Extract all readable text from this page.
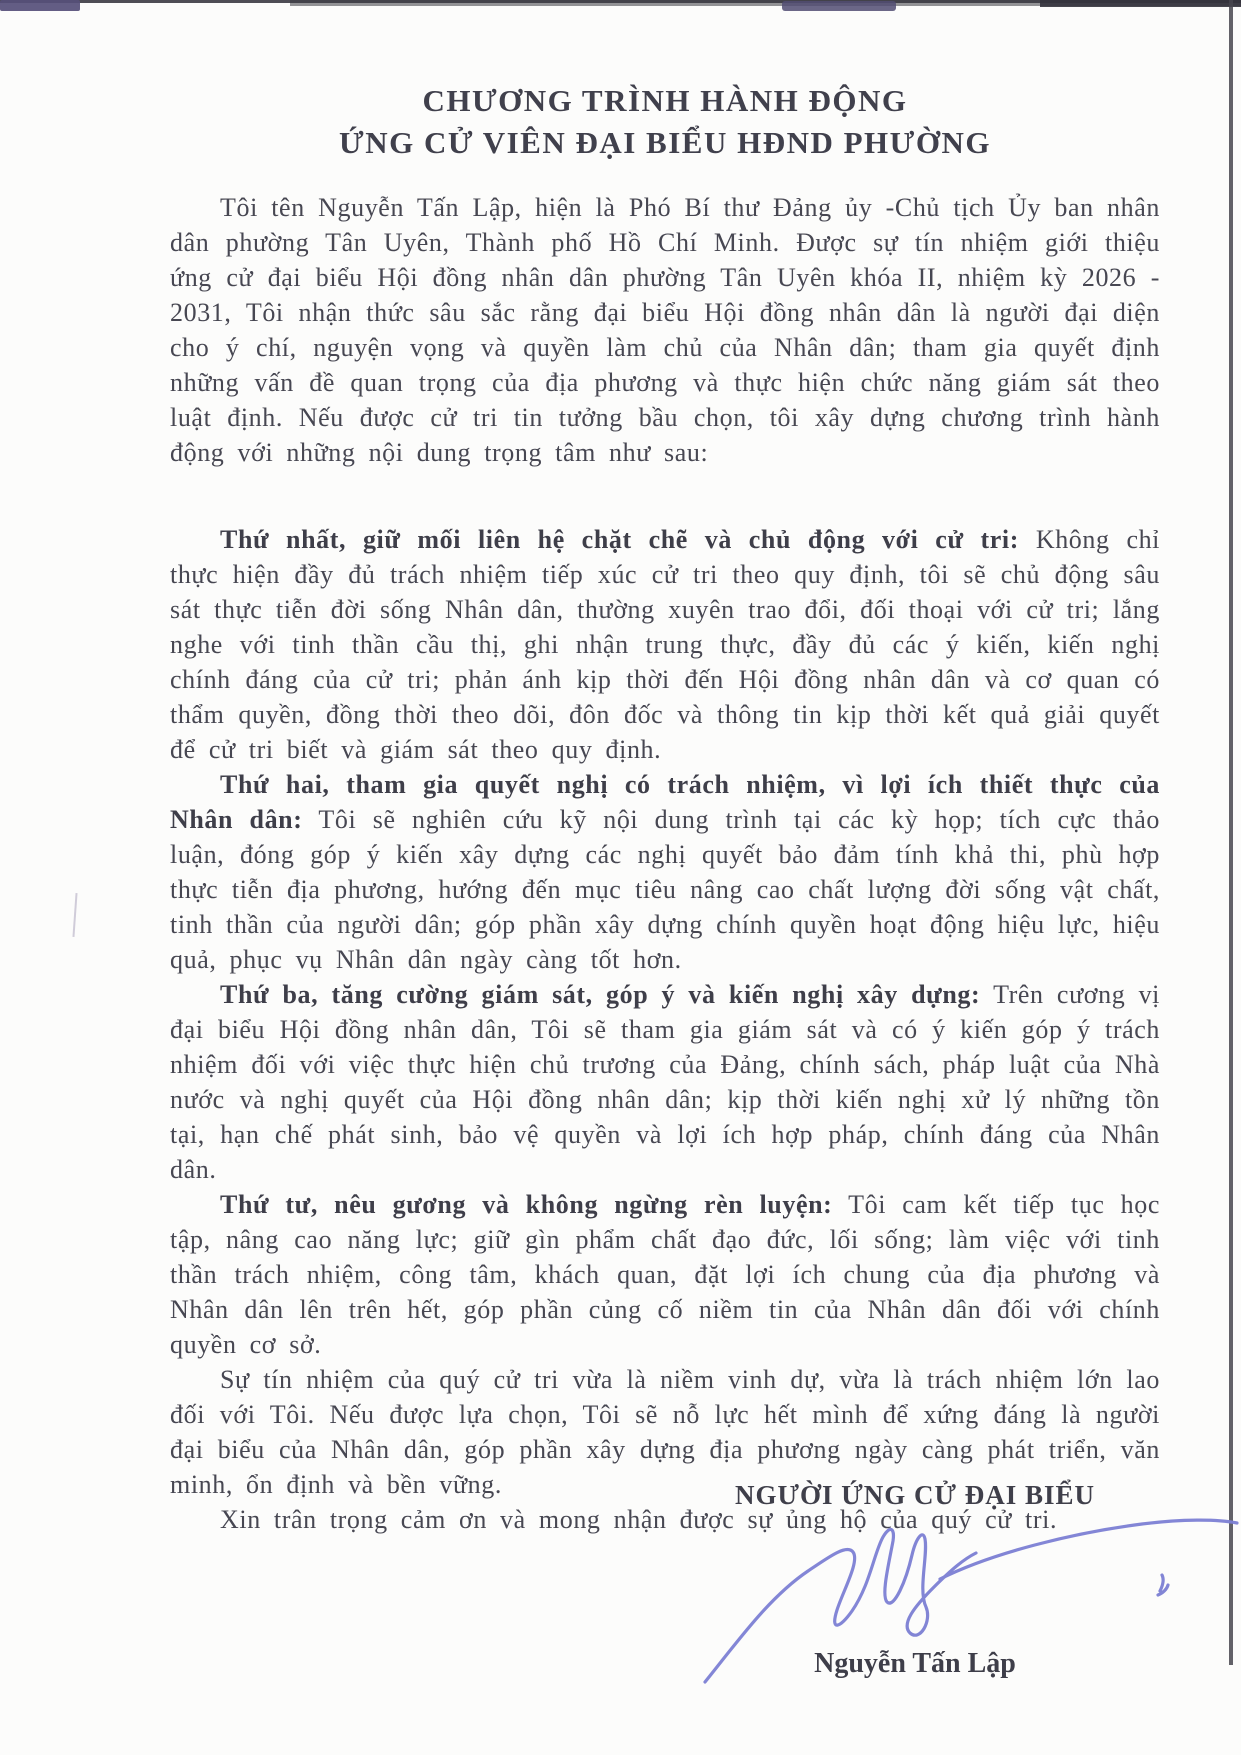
CHƯƠNG TRÌNH HÀNH ĐỘNG
ỨNG CỬ VIÊN ĐẠI BIỂU HĐND PHƯỜNG

Tôi tên Nguyễn Tấn Lập, hiện là Phó Bí thư Đảng ủy -Chủ tịch Ủy ban nhân dân phường Tân Uyên, Thành phố Hồ Chí Minh. Được sự tín nhiệm giới thiệu ứng cử đại biểu Hội đồng nhân dân phường Tân Uyên khóa II, nhiệm kỳ 2026 - 2031, Tôi nhận thức sâu sắc rằng đại biểu Hội đồng nhân dân là người đại diện cho ý chí, nguyện vọng và quyền làm chủ của Nhân dân; tham gia quyết định những vấn đề quan trọng của địa phương và thực hiện chức năng giám sát theo luật định. Nếu được cử tri tin tưởng bầu chọn, tôi xây dựng chương trình hành động với những nội dung trọng tâm như sau:

Thứ nhất, giữ mối liên hệ chặt chẽ và chủ động với cử tri: Không chỉ thực hiện đầy đủ trách nhiệm tiếp xúc cử tri theo quy định, tôi sẽ chủ động sâu sát thực tiễn đời sống Nhân dân, thường xuyên trao đổi, đối thoại với cử tri; lắng nghe với tinh thần cầu thị, ghi nhận trung thực, đầy đủ các ý kiến, kiến nghị chính đáng của cử tri; phản ánh kịp thời đến Hội đồng nhân dân và cơ quan có thẩm quyền, đồng thời theo dõi, đôn đốc và thông tin kịp thời kết quả giải quyết để cử tri biết và giám sát theo quy định.

Thứ hai, tham gia quyết nghị có trách nhiệm, vì lợi ích thiết thực của Nhân dân: Tôi sẽ nghiên cứu kỹ nội dung trình tại các kỳ họp; tích cực thảo luận, đóng góp ý kiến xây dựng các nghị quyết bảo đảm tính khả thi, phù hợp thực tiễn địa phương, hướng đến mục tiêu nâng cao chất lượng đời sống vật chất, tinh thần của người dân; góp phần xây dựng chính quyền hoạt động hiệu lực, hiệu quả, phục vụ Nhân dân ngày càng tốt hơn.

Thứ ba, tăng cường giám sát, góp ý và kiến nghị xây dựng: Trên cương vị đại biểu Hội đồng nhân dân, Tôi sẽ tham gia giám sát và có ý kiến góp ý trách nhiệm đối với việc thực hiện chủ trương của Đảng, chính sách, pháp luật của Nhà nước và nghị quyết của Hội đồng nhân dân; kịp thời kiến nghị xử lý những tồn tại, hạn chế phát sinh, bảo vệ quyền và lợi ích hợp pháp, chính đáng của Nhân dân.

Thứ tư, nêu gương và không ngừng rèn luyện: Tôi cam kết tiếp tục học tập, nâng cao năng lực; giữ gìn phẩm chất đạo đức, lối sống; làm việc với tinh thần trách nhiệm, công tâm, khách quan, đặt lợi ích chung của địa phương và Nhân dân lên trên hết, góp phần củng cố niềm tin của Nhân dân đối với chính quyền cơ sở.

Sự tín nhiệm của quý cử tri vừa là niềm vinh dự, vừa là trách nhiệm lớn lao đối với Tôi. Nếu được lựa chọn, Tôi sẽ nỗ lực hết mình để xứng đáng là người đại biểu của Nhân dân, góp phần xây dựng địa phương ngày càng phát triển, văn minh, ổn định và bền vững.

Xin trân trọng cảm ơn và mong nhận được sự ủng hộ của quý cử tri.

NGƯỜI ỨNG CỬ ĐẠI BIỂU
Nguyễn Tấn Lập
